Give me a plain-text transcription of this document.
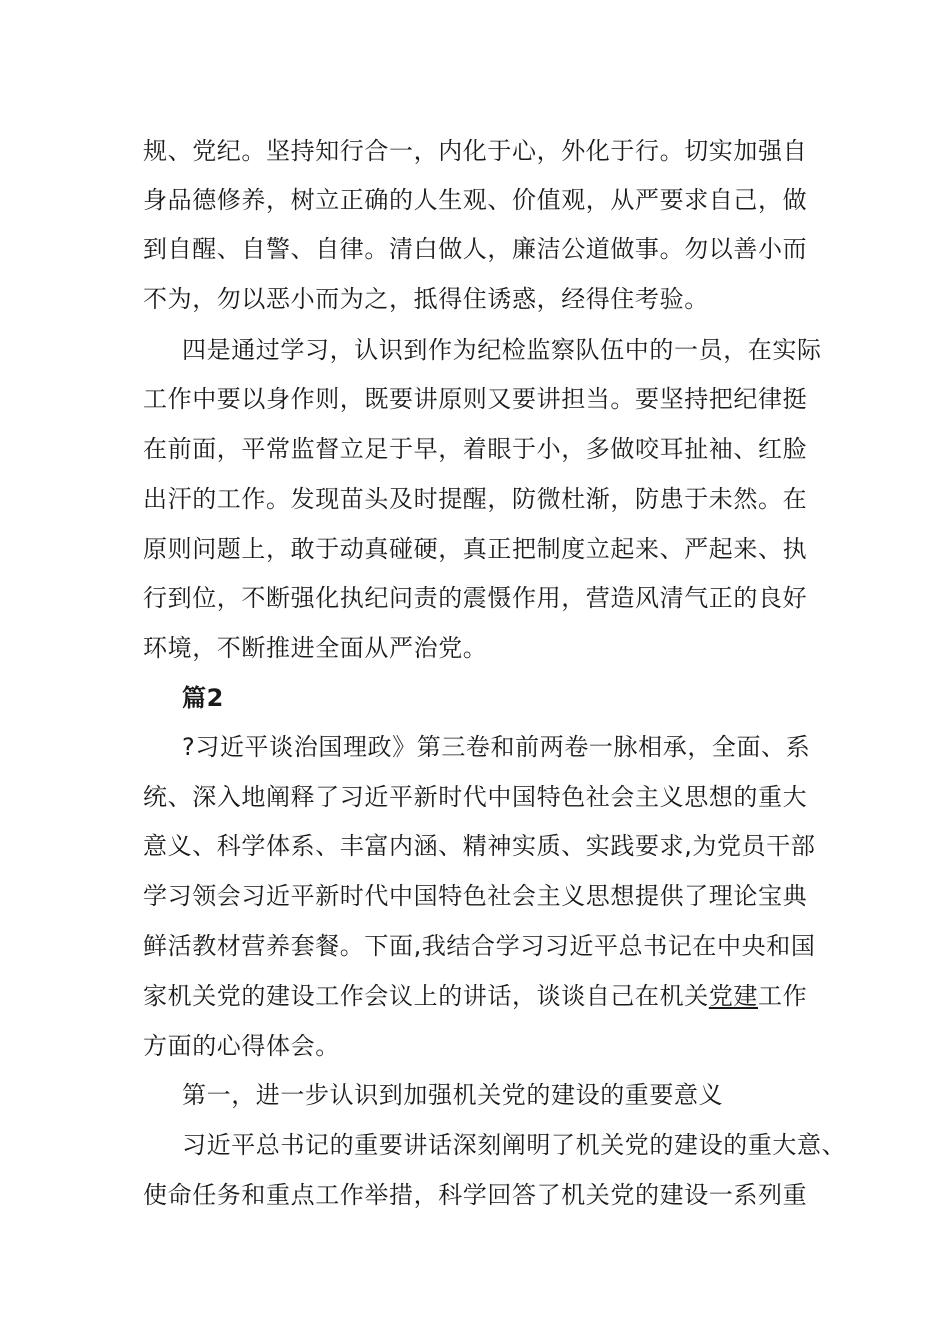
规、党纪。坚持知行合一，内化于心，外化于行。切实加强自
身品德修养，树立正确的人生观、价值观，从严要求自己，做
到自醒、自警、自律。清白做人，廉洁公道做事。勿以善小而
不为，勿以恶小而为之，抵得住诱惑，经得住考验。
四是通过学习，认识到作为纪检监察队伍中的一员，在实际
工作中要以身作则，既要讲原则又要讲担当。要坚持把纪律挺
在前面，平常监督立足于早，着眼于小，多做咬耳扯袖、红脸
出汗的工作。发现苗头及时提醒，防微杜渐，防患于未然。在
原则问题上，敢于动真碰硬，真正把制度立起来、严起来、执
行到位，不断强化执纪问责的震慑作用，营造风清气正的良好
环境，不断推进全面从严治党。
篇2
?习近平谈治国理政》第三卷和前两卷一脉相承，全面、系
统、深入地阐释了习近平新时代中国特色社会主义思想的重大
意义、科学体系、丰富内涵、精神实质、实践要求,为党员干部
学习领会习近平新时代中国特色社会主义思想提供了理论宝典
鲜活教材营养套餐。下面,我结合学习习近平总书记在中央和国
家机关党的建设工作会议上的讲话，谈谈自己在机关党建工作
方面的心得体会。
第一，进一步认识到加强机关党的建设的重要意义
习近平总书记的重要讲话深刻阐明了机关党的建设的重大意、
使命任务和重点工作举措，科学回答了机关党的建设一系列重
